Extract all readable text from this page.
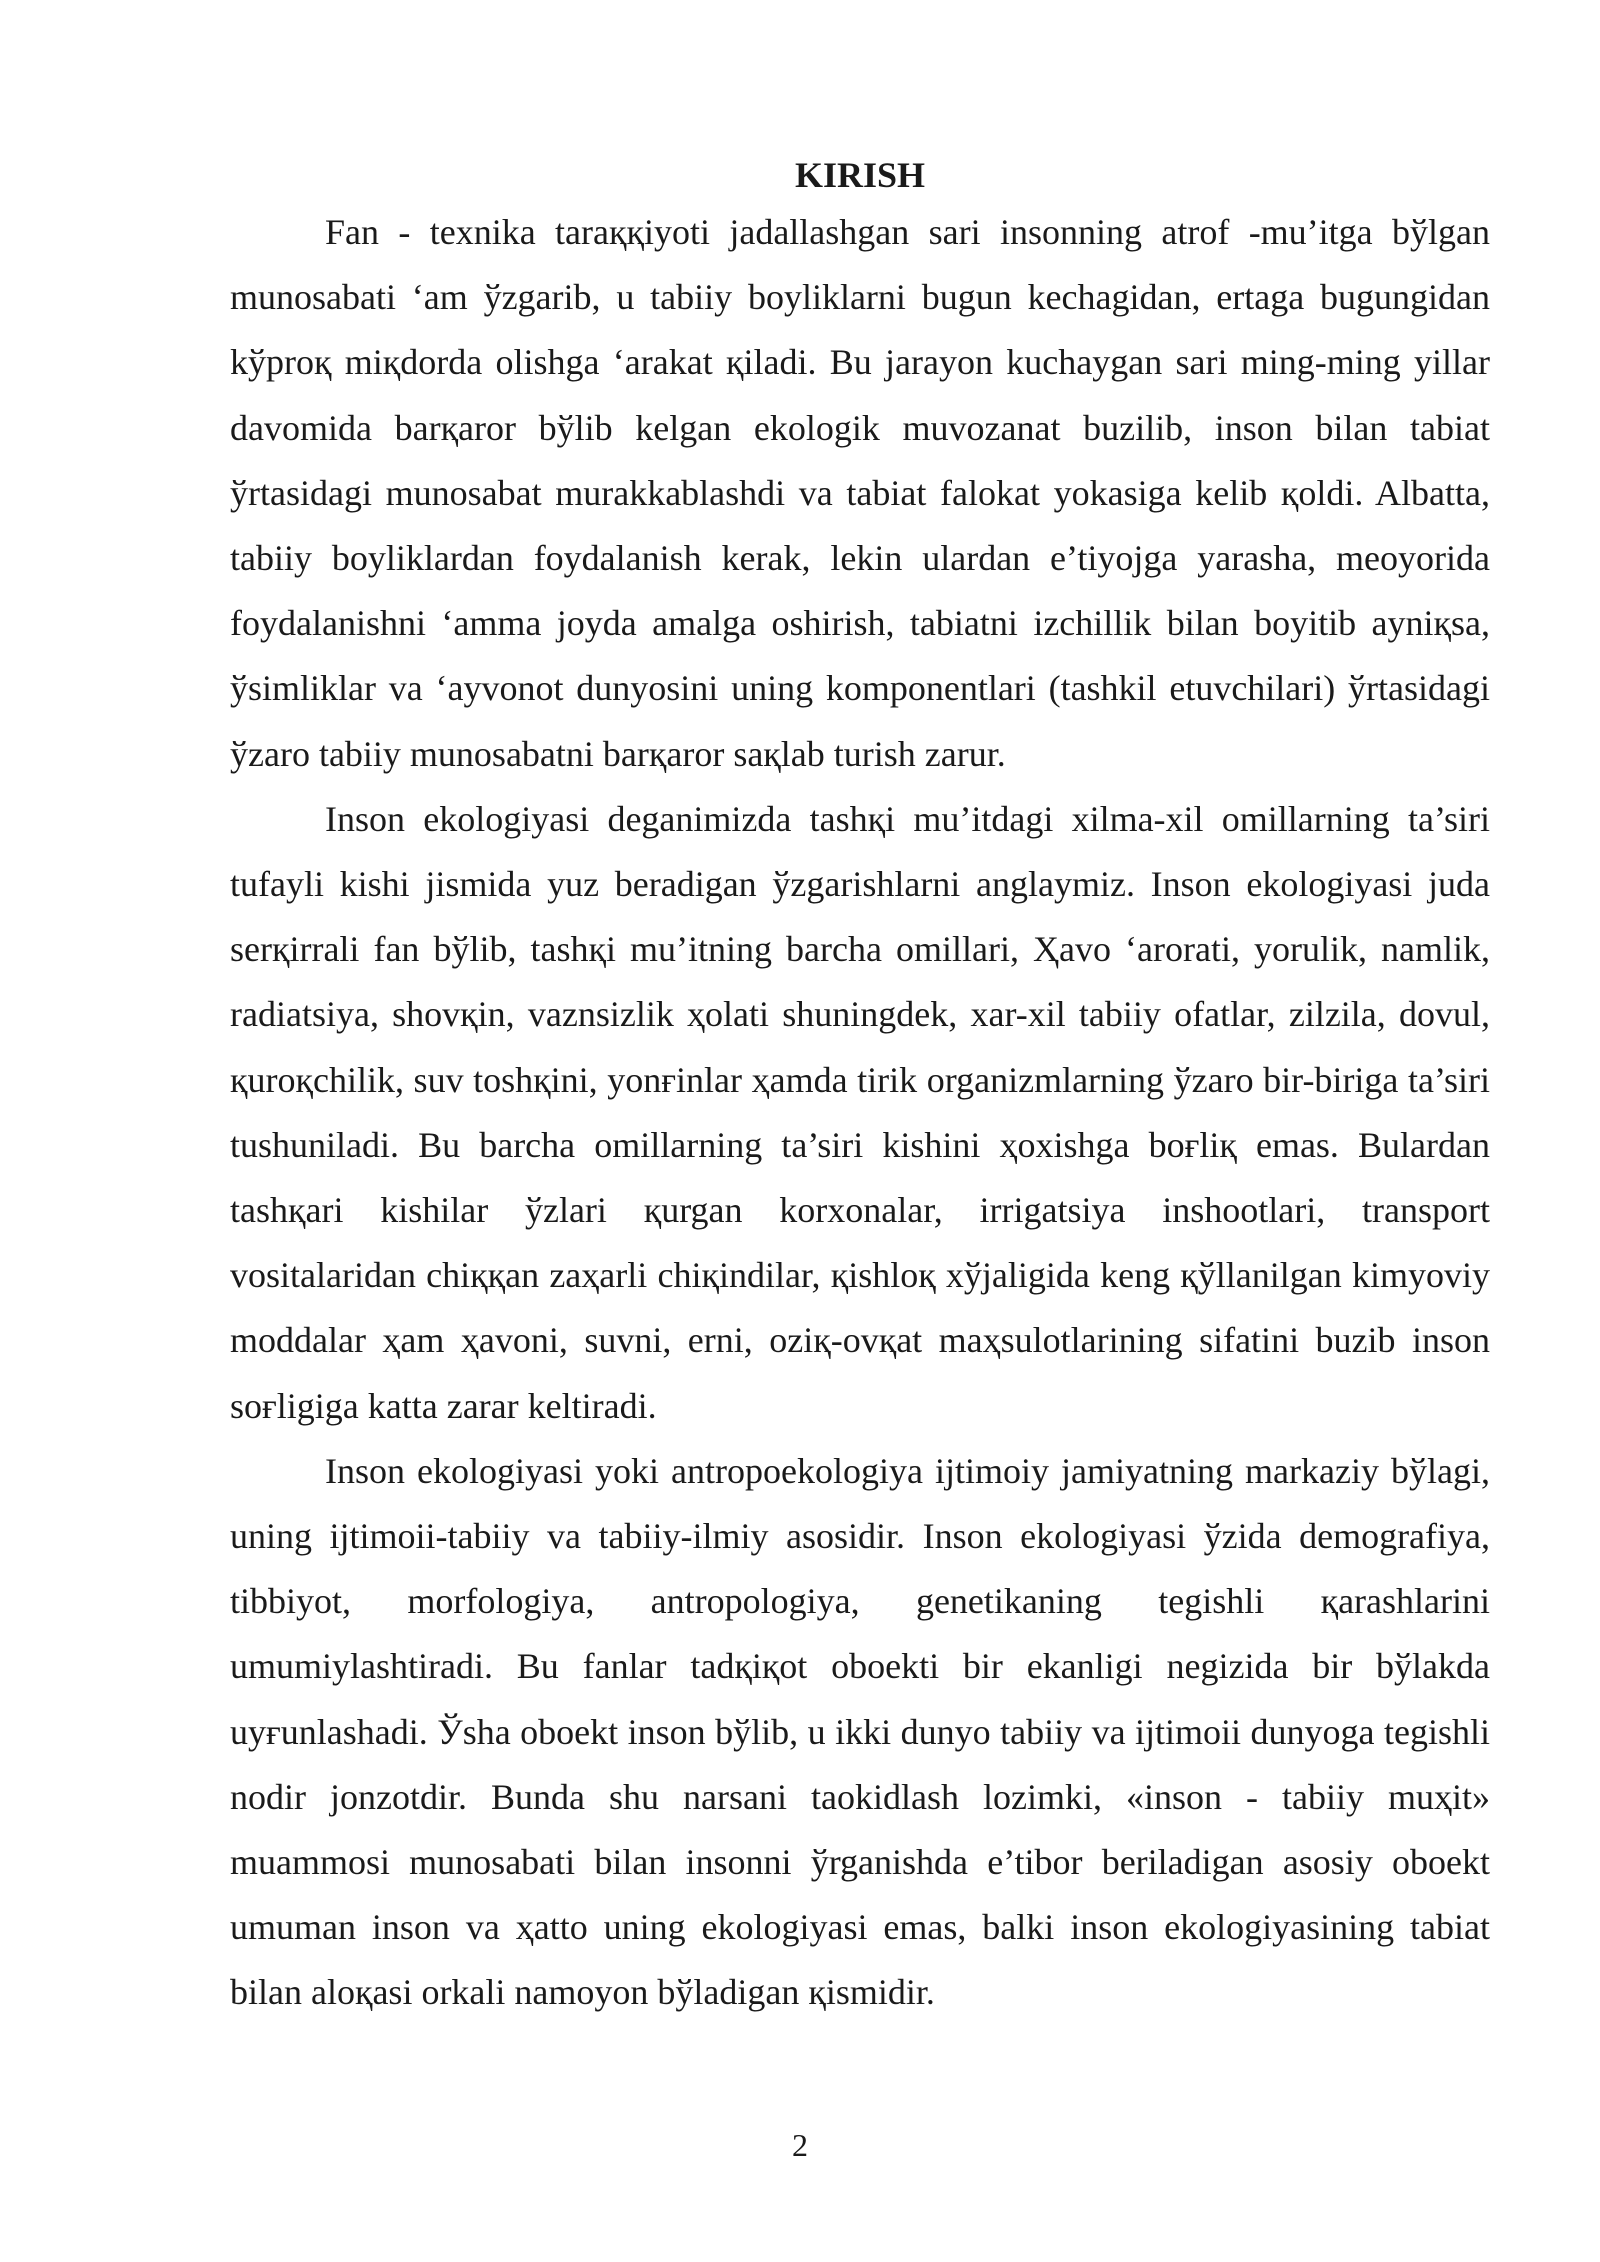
KIRISH

Fan - texnika taraққiyoti jadallashgan sari insonning atrof -mu’itga bўlgan munosabati ‘am ўzgarib, u tabiiy boyliklarni bugun kechagidan, ertaga bugungidan kўproқ miқdorda olishga ‘arakat қiladi. Bu jarayon kuchaygan sari ming-ming yillar davomida barқaror bўlib kelgan ekologik muvozanat buzilib, inson bilan tabiat ўrtasidagi munosabat murakkablashdi va tabiat falokat yokasiga kelib қoldi. Albatta, tabiiy boyliklardan foydalanish kerak, lekin ulardan e’tiyojga yarasha, meoyorida foydalanishni ‘amma joyda amalga oshirish, tabiatni izchillik bilan boyitib ayniқsa, ўsimliklar va ‘ayvonot dunyosini uning komponentlari (tashkil etuvchilari) ўrtasidagi ўzaro tabiiy munosabatni barқaror saқlab turish zarur.

Inson ekologiyasi deganimizda tashқi mu’itdagi xilma-xil omillarning ta’siri tufayli kishi jismida yuz beradigan ўzgarishlarni anglaymiz. Inson ekologiyasi juda serқirrali fan bўlib, tashқi mu’itning barcha omillari, Ҳavo ‘arorati, yorulik, namlik, radiatsiya, shovқin, vaznsizlik ҳolati shuningdek, xar-xil tabiiy ofatlar, zilzila, dovul, қuroқchilik, suv toshқini, yonғinlar ҳamda tirik organizmlarning ўzaro bir-biriga ta’siri tushuniladi. Bu barcha omillarning ta’siri kishini ҳoxishga boғliқ emas. Bulardan tashқari kishilar ўzlari қurgan korxonalar, irrigatsiya inshootlari, transport vositalaridan chiққan zaҳarli chiқindilar, қishloқ xўjaligida keng қўllanilgan kimyoviy moddalar ҳam ҳavoni, suvni, erni, oziқ-ovқat maҳsulotlarining sifatini buzib inson soғligiga katta zarar keltiradi.

Inson ekologiyasi yoki antropoekologiya ijtimoiy jamiyatning markaziy bўlagi, uning ijtimoii-tabiiy va tabiiy-ilmiy asosidir. Inson ekologiyasi ўzida demografiya, tibbiyot, morfologiya, antropologiya, genetikaning tegishli қarashlarini umumiylashtiradi. Bu fanlar tadқiқot oboekti bir ekanligi negizida bir bўlakda uyғunlashadi. Ўsha oboekt inson bўlib, u ikki dunyo tabiiy va ijtimoii dunyoga tegishli nodir jonzotdir. Bunda shu narsani taokidlash lozimki, «inson - tabiiy muҳit» muammosi munosabati bilan insonni ўrganishda e’tibor beriladigan asosiy oboekt umuman inson va ҳatto uning ekologiyasi emas, balki inson ekologiyasining tabiat bilan aloқasi orkali namoyon bўladigan қismidir.

2
